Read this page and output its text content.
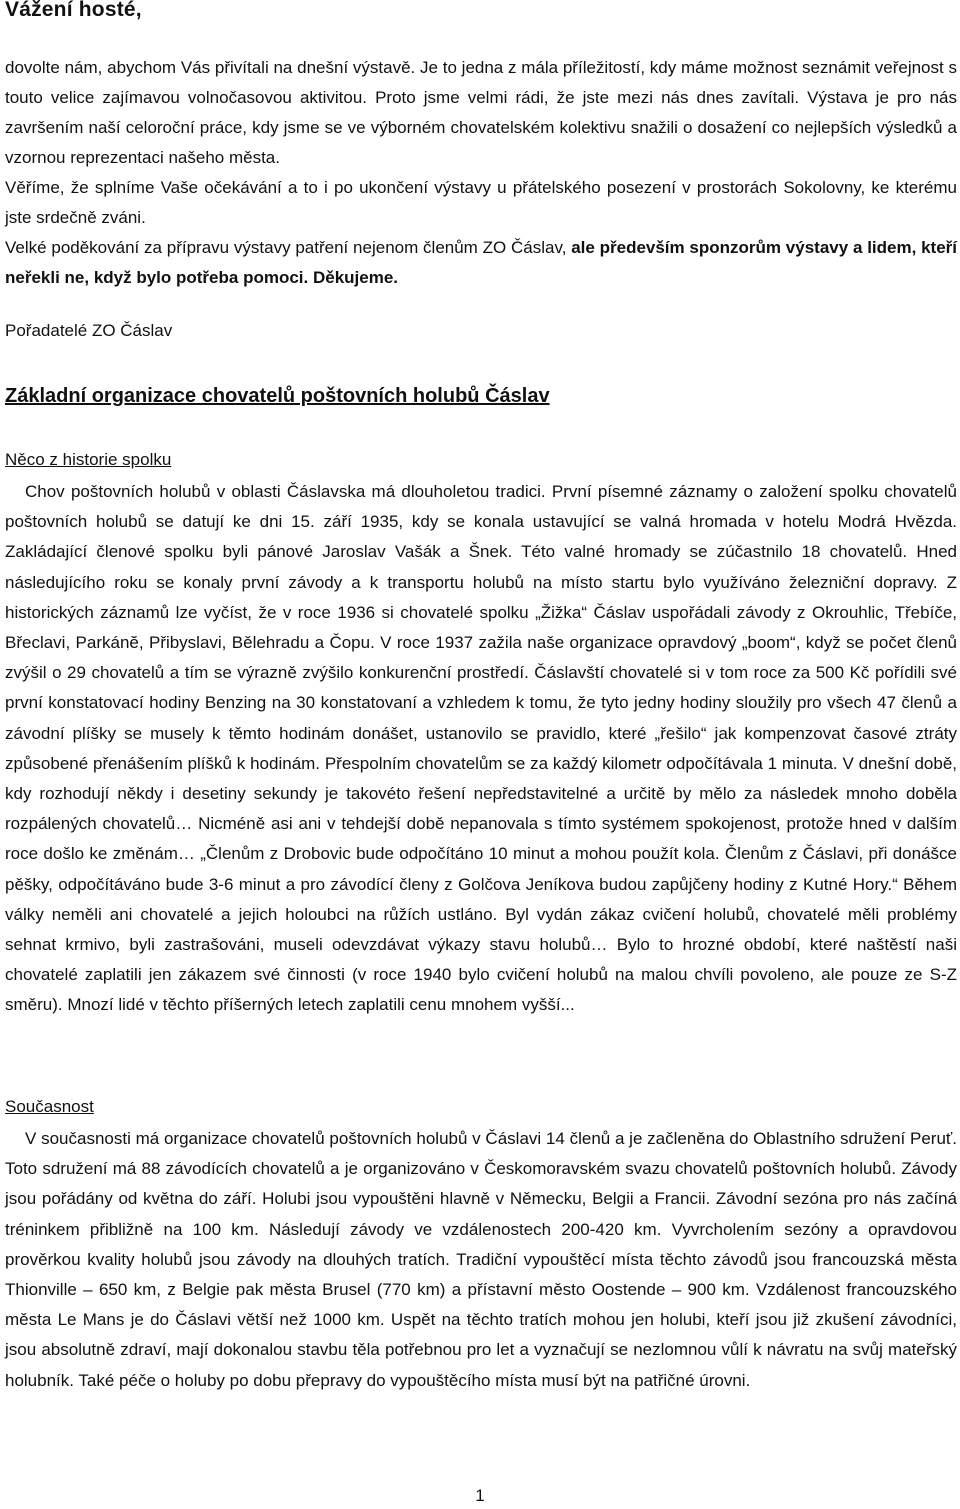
Vážení hosté,

dovolte nám, abychom Vás přivítali na dnešní výstavě. Je to jedna z mála příležitostí, kdy máme možnost seznámit veřejnost s touto velice zajímavou volnočasovou aktivitou. Proto jsme velmi rádi, že jste mezi nás dnes zavítali. Výstava je pro nás završením naší celoroční práce, kdy jsme se ve výborném chovatelském kolektivu snažili o dosažení co nejlepších výsledků a vzornou reprezentaci našeho města.

Věříme, že splníme Vaše očekávání a to i po ukončení výstavy u přátelského posezení v prostorách Sokolovny, ke kterému jste srdečně zváni.

Velké poděkování za přípravu výstavy patření nejenom členům ZO Čáslav, ale především sponzorům výstavy a lidem, kteří neřekli ne, když bylo potřeba pomoci. Děkujeme.

Pořadatelé ZO Čáslav
Základní organizace chovatelů poštovních holubů Čáslav
Něco z historie spolku

Chov poštovních holubů v oblasti Čáslavska má dlouholetou tradici. První písemné záznamy o založení spolku chovatelů poštovních holubů se datují ke dni 15. září 1935, kdy se konala ustavující se valná hromada v hotelu Modrá Hvězda. Zakládající členové spolku byli pánové Jaroslav Vašák a Šnek. Této valné hromady se zúčastnilo 18 chovatelů. Hned následujícího roku se konaly první závody a k transportu holubů na místo startu bylo využíváno železniční dopravy. Z historických záznamů lze vyčíst, že v roce 1936 si chovatelé spolku „Žižka“ Čáslav uspořádali závody z Okrouhlic, Třebíče, Břeclavi, Parkánĕ, Přibyslavi, Bělehradu a Čopu. V roce 1937 zažila naše organizace opravdový „boom“, když se počet členů zvýšil o 29 chovatelů a tím se výrazně zvýšilo konkurenční prostředí. Čáslavští chovatelé si v tom roce za 500 Kč pořídili své první konstatovací hodiny Benzing na 30 konstatovaní a vzhledem k tomu, že tyto jedny hodiny sloužily pro všech 47 členů a závodní plíšky se musely k těmto hodinám donášet, ustanovilo se pravidlo, které „řešilo“ jak kompenzovat časové ztráty způsobené přenášením plíšků k hodinám. Přespolním chovatelům se za každý kilometr odpočítávala 1 minuta. V dnešní době, kdy rozhodují někdy i desetiny sekundy je takovéto řešení nepředstavitelné a určitě by mělo za následek mnoho doběla rozpálených chovatelů… Nicméně asi ani v tehdejší době nepanovala s tímto systémem spokojenost, protože hned v dalším roce došlo ke změnám… „Členům z Drobovic bude odpočítáno 10 minut a mohou použít kola. Členům z Čáslavi, při donášce pěšky, odpočítáváno bude 3-6 minut a pro závodící členy z Golčova Jeníkova budou zapůjčeny hodiny z Kutné Hory.“ Během války neměli ani chovatelé a jejich holoubci na růžích ustláno. Byl vydán zákaz cvičení holubů, chovatelé měli problémy sehnat krmivo, byli zastrašováni, museli odevzdávat výkazy stavu holubů… Bylo to hrozné období, které naštěstí naši chovatelé zaplatili jen zákazem své činnosti (v roce 1940 bylo cvičení holubů na malou chvíli povoleno, ale pouze ze S-Z směru). Mnozí lidé v těchto příšerných letech zaplatili cenu mnohem vyšší...

Současnost

V současnosti má organizace chovatelů poštovních holubů v Čáslavi 14 členů a je začleněna do Oblastního sdružení Peruť. Toto sdružení má 88 závodících chovatelů a je organizováno v Českomoravském svazu chovatelů poštovních holubů. Závody jsou pořádány od května do září. Holubi jsou vypouštěni hlavně v Německu, Belgii a Francii. Závodní sezóna pro nás začíná tréninkem přibližně na 100 km. Následují závody ve vzdálenostech 200-420 km. Vyvrcholením sezóny a opravdovou prověrkou kvality holubů jsou závody na dlouhých tratích. Tradiční vypouštěcí místa těchto závodů jsou francouzská města Thionville – 650 km, z Belgie pak města Brusel (770 km) a přístavní město Oostende – 900 km. Vzdálenost francouzského města Le Mans je do Čáslavi větší než 1000 km. Uspět na těchto tratích mohou jen holubi, kteří jsou již zkušení závodníci, jsou absolutně zdraví, mají dokonalou stavbu těla potřebnou pro let a vyznačují se nezlomnou vůlí k návratu na svůj mateřský holubník. Také péče o holuby po dobu přepravy do vypouštěcího místa musí být na patřičné úrovni.

1
